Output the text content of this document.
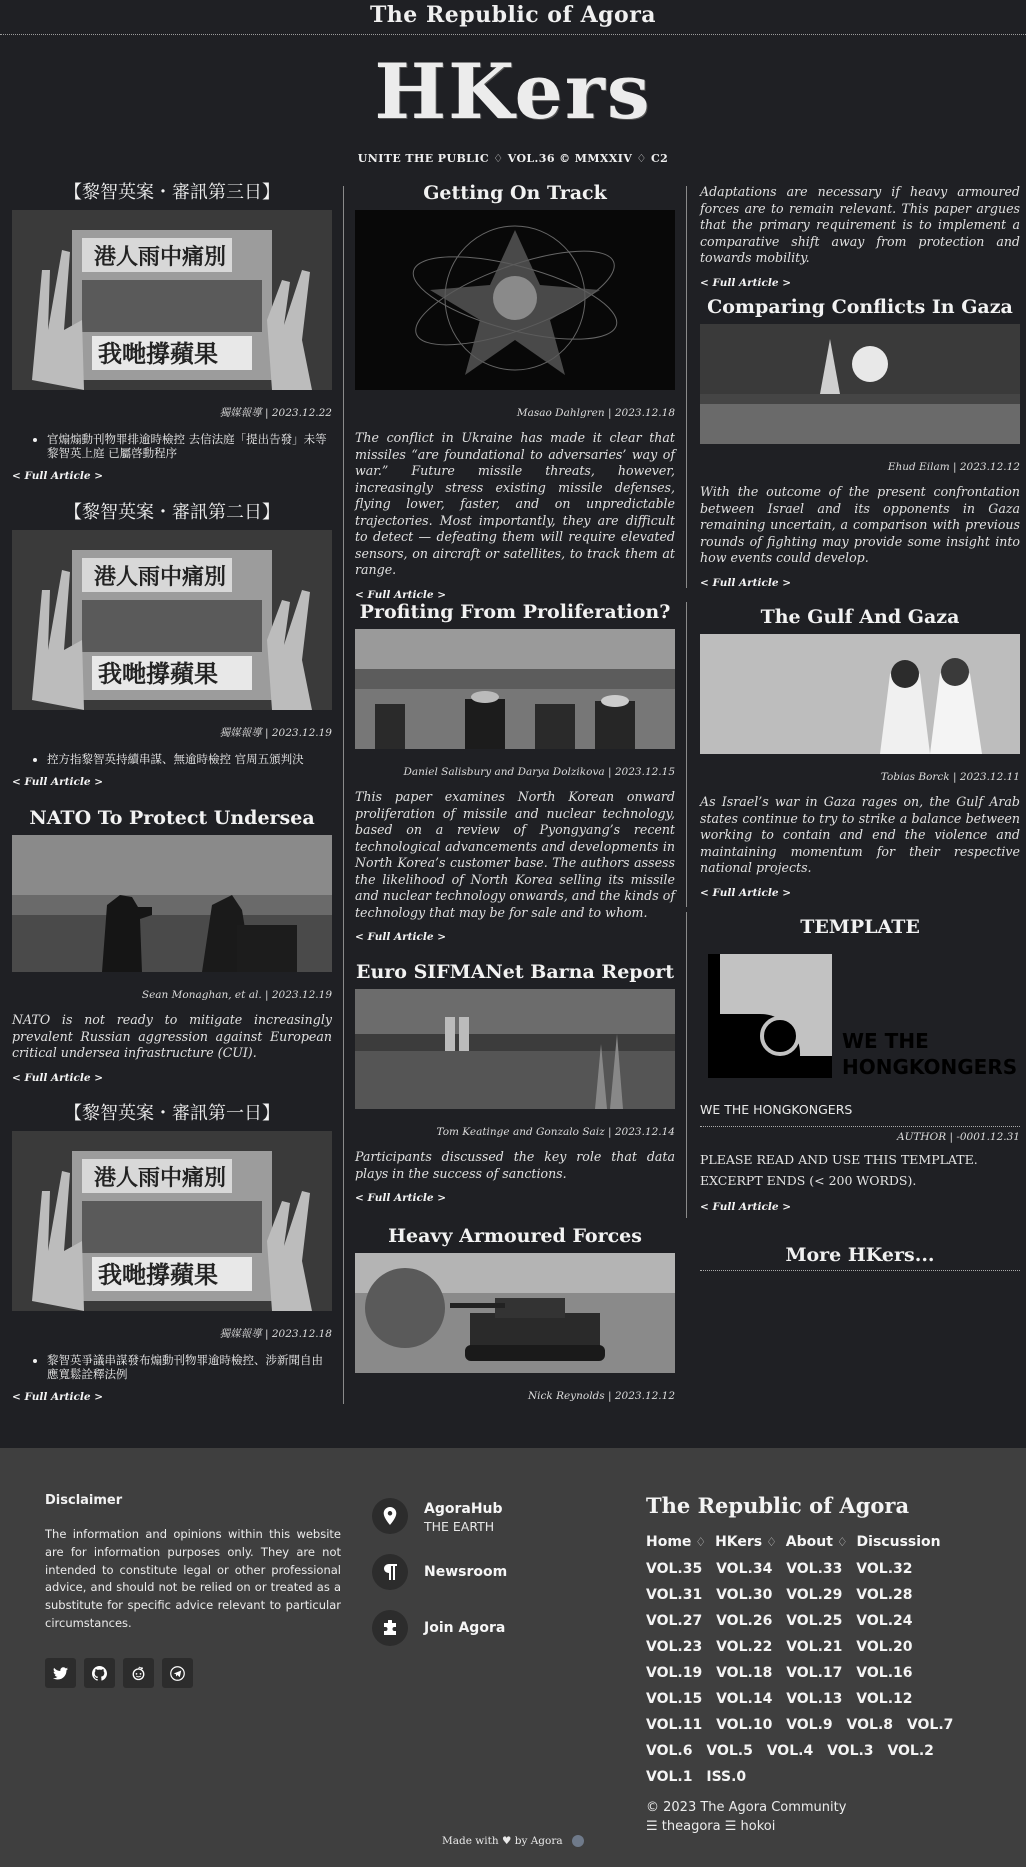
The Republic of Agora
HKers
UNITE THE PUBLIC ♢ VOL.36 © MMXXIV ♢ C2
【黎智英案・審訊第三日】
港人雨中痛別
我哋撐蘋果
獨媒報導 | 2023.12.22
• 官煽煽動刊物罪排逾時檢控 去信法庭「提出告發」未等黎智英上庭 已屬啓動程序
< Full Article >
【黎智英案・審訊第二日】
港人雨中痛別
我哋撐蘋果
獨媒報導 | 2023.12.19
• 控方指黎智英持續串謀、無逾時檢控 官周五頒判決
< Full Article >
NATO To Protect Undersea
Sean Monaghan, et al. | 2023.12.19
NATO is not ready to mitigate increasingly prevalent Russian aggression against European critical undersea infrastructure (CUI).
< Full Article >
【黎智英案・審訊第一日】
港人雨中痛別
我哋撐蘋果
獨媒報導 | 2023.12.18
• 黎智英爭議串謀發布煽動刊物罪逾時檢控、涉新聞自由應寬鬆詮釋法例
< Full Article >
Getting On Track
Masao Dahlgren | 2023.12.18
The conflict in Ukraine has made it clear that missiles “are foundational to adversaries’ way of war.” Future missile threats, however, increasingly stress existing missile defenses, flying lower, faster, and on unpredictable trajectories. Most importantly, they are difficult to detect — defeating them will require elevated sensors, on aircraft or satellites, to track them at range.
< Full Article >
Profiting From Proliferation?
Daniel Salisbury and Darya Dolzikova | 2023.12.15
This paper examines North Korean onward proliferation of missile and nuclear technology, based on a review of Pyongyang’s recent technological advancements and developments in North Korea’s customer base. The authors assess the likelihood of North Korea selling its missile and nuclear technology onwards, and the kinds of technology that may be for sale and to whom.
< Full Article >
Euro SIFMANet Barna Report
Tom Keatinge and Gonzalo Saiz | 2023.12.14
Participants discussed the key role that data plays in the success of sanctions.
< Full Article >
Heavy Armoured Forces
Nick Reynolds | 2023.12.12
Adaptations are necessary if heavy armoured forces are to remain relevant. This paper argues that the primary requirement is to implement a comparative shift away from protection and towards mobility.
< Full Article >
Comparing Conflicts In Gaza
Ehud Eilam | 2023.12.12
With the outcome of the present confrontation between Israel and its opponents in Gaza remaining uncertain, a comparison with previous rounds of fighting may provide some insight into how events could develop.
< Full Article >
The Gulf And Gaza
Tobias Borck | 2023.12.11
As Israel’s war in Gaza rages on, the Gulf Arab states continue to try to strike a balance between working to contain and end the violence and maintaining momentum for their respective national projects.
< Full Article >
TEMPLATE
WE THE
HONGKONGERS
WE THE HONGKONGERS
AUTHOR | -0001.12.31
PLEASE READ AND USE THIS TEMPLATE.
EXCERPT ENDS (< 200 WORDS).
< Full Article >
More HKers...
Disclaimer

The information and opinions within this website are for information purposes only. They are not intended to constitute legal or other professional advice, and should not be relied on or treated as a substitute for specific advice relevant to particular circumstances.

AgoraHub
THE EARTH
Newsroom
Join Agora
The Republic of Agora
Home ♢ HKers ♢ About ♢ Discussion
VOL.35 VOL.34 VOL.33 VOL.32 VOL.31 VOL.30 VOL.29 VOL.28 VOL.27 VOL.26 VOL.25 VOL.24 VOL.23 VOL.22 VOL.21 VOL.20 VOL.19 VOL.18 VOL.17 VOL.16 VOL.15 VOL.14 VOL.13 VOL.12 VOL.11 VOL.10 VOL.9 VOL.8 VOL.7 VOL.6 VOL.5 VOL.4 VOL.3 VOL.2 VOL.1 ISS.0
© 2023 The Agora Community
☰ theagora ☰ hokoi
Made with ♥ by Agora
